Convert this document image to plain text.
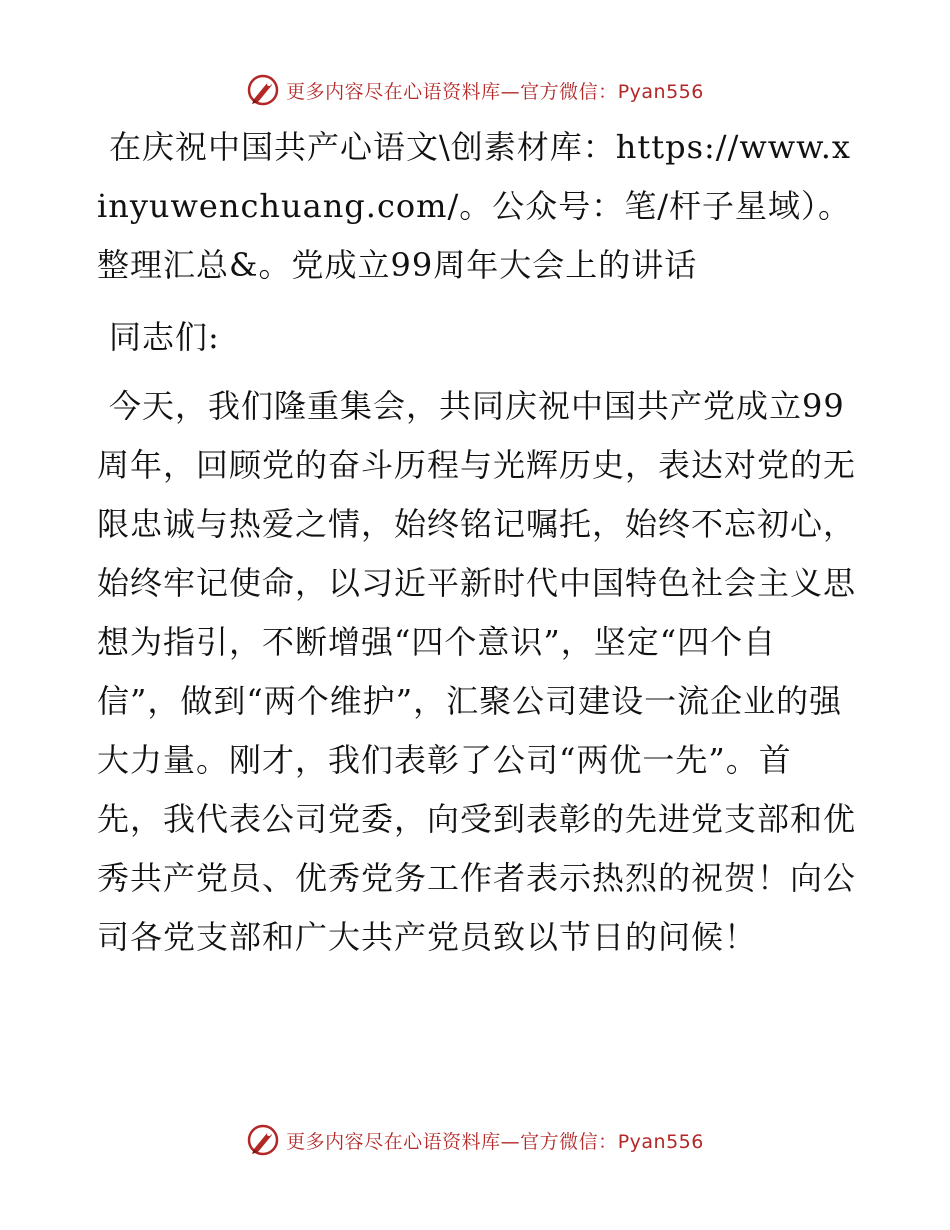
更多内容尽在心语资料库—官方微信：Pyan556

在庆祝中国共产心语文\创素材库：https://www.xinyuwenchuang.com/。公众号：笔/杆子星域）。整理汇总&。党成立99周年大会上的讲话

同志们:

今天，我们隆重集会，共同庆祝中国共产党成立99周年，回顾党的奋斗历程与光辉历史，表达对党的无限忠诚与热爱之情，始终铭记嘱托，始终不忘初心，始终牢记使命，以习近平新时代中国特色社会主义思想为指引，不断增强“四个意识”，坚定“四个自信”，做到“两个维护”，汇聚公司建设一流企业的强大力量。刚才，我们表彰了公司“两优一先”。首先，我代表公司党委，向受到表彰的先进党支部和优秀共产党员、优秀党务工作者表示热烈的祝贺！向公司各党支部和广大共产党员致以节日的问候！

更多内容尽在心语资料库—官方微信：Pyan556
